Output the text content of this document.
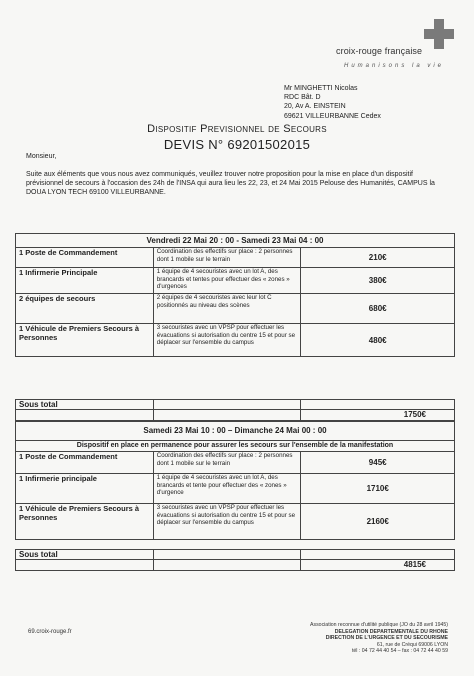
croix-rouge française
Humanisons la vie
Mr MINGHETTI Nicolas
RDC Bât. D
20, Av A. EINSTEIN
69621 VILLEURBANNE Cedex
Dispositif Previsionnel de Secours
DEVIS N° 69201502015
Monsieur,
Suite aux éléments que vous nous avez communiqués, veuillez trouver notre proposition pour la mise en place d'un dispositif prévisionnel de secours à l'occasion des 24h de l'INSA qui aura lieu les 22, 23, et 24 Mai 2015 Pelouse des Humanités, CAMPUS la DOUA LYON TECH 69100 VILLEURBANNE.
Vendredi 22 Mai 20 : 00 - Samedi 23 Mai 04 : 00		
1 Poste de Commandement	Coordination des effectifs sur place : 2 personnes dont 1 mobile sur le terrain	210€
1 Infirmerie Principale	1 équipe de 4 secouristes avec un lot A, des brancards et tentes pour effectuer des « zones » d'urgences	380€
2 équipes de secours	2 équipes de 4 secouristes avec leur lot C positionnés au niveau des scènes	680€
1 Véhicule de Premiers Secours à Personnes	3 secouristes avec un VPSP pour effectuer les évacuations si autorisation du centre 15 et pour se déplacer sur l'ensemble du campus	480€
Sous total		
		1750€
Samedi 23 Mai 10 : 00 – Dimanche 24 Mai 00 : 00		
Dispositif en place en permanence pour assurer les secours sur l'ensemble de la manifestation		
1 Poste de Commandement	Coordination des effectifs sur place : 2 personnes dont 1 mobile sur le terrain	945€
1 Infirmerie principale	1 équipe de 4 secouristes avec un lot A, des brancards et tente pour effectuer des « zones » d'urgence	1710€
1 Véhicule de Premiers Secours à Personnes	3 secouristes avec un VPSP pour effectuer les évacuations si autorisation du centre 15 et pour se déplacer sur l'ensemble du campus	2160€
Sous total		
		4815€
69.croix-rouge.fr
Association reconnue d'utilité publique (JO du 28 avril 1945)
DELEGATION DEPARTEMENTALE DU RHONE
DIRECTION DE L'URGENCE ET DU SECOURISME
61, rue de Créqui 69006 LYON
tél : 04 72 44 40 54 – fax : 04 72 44 40 59
